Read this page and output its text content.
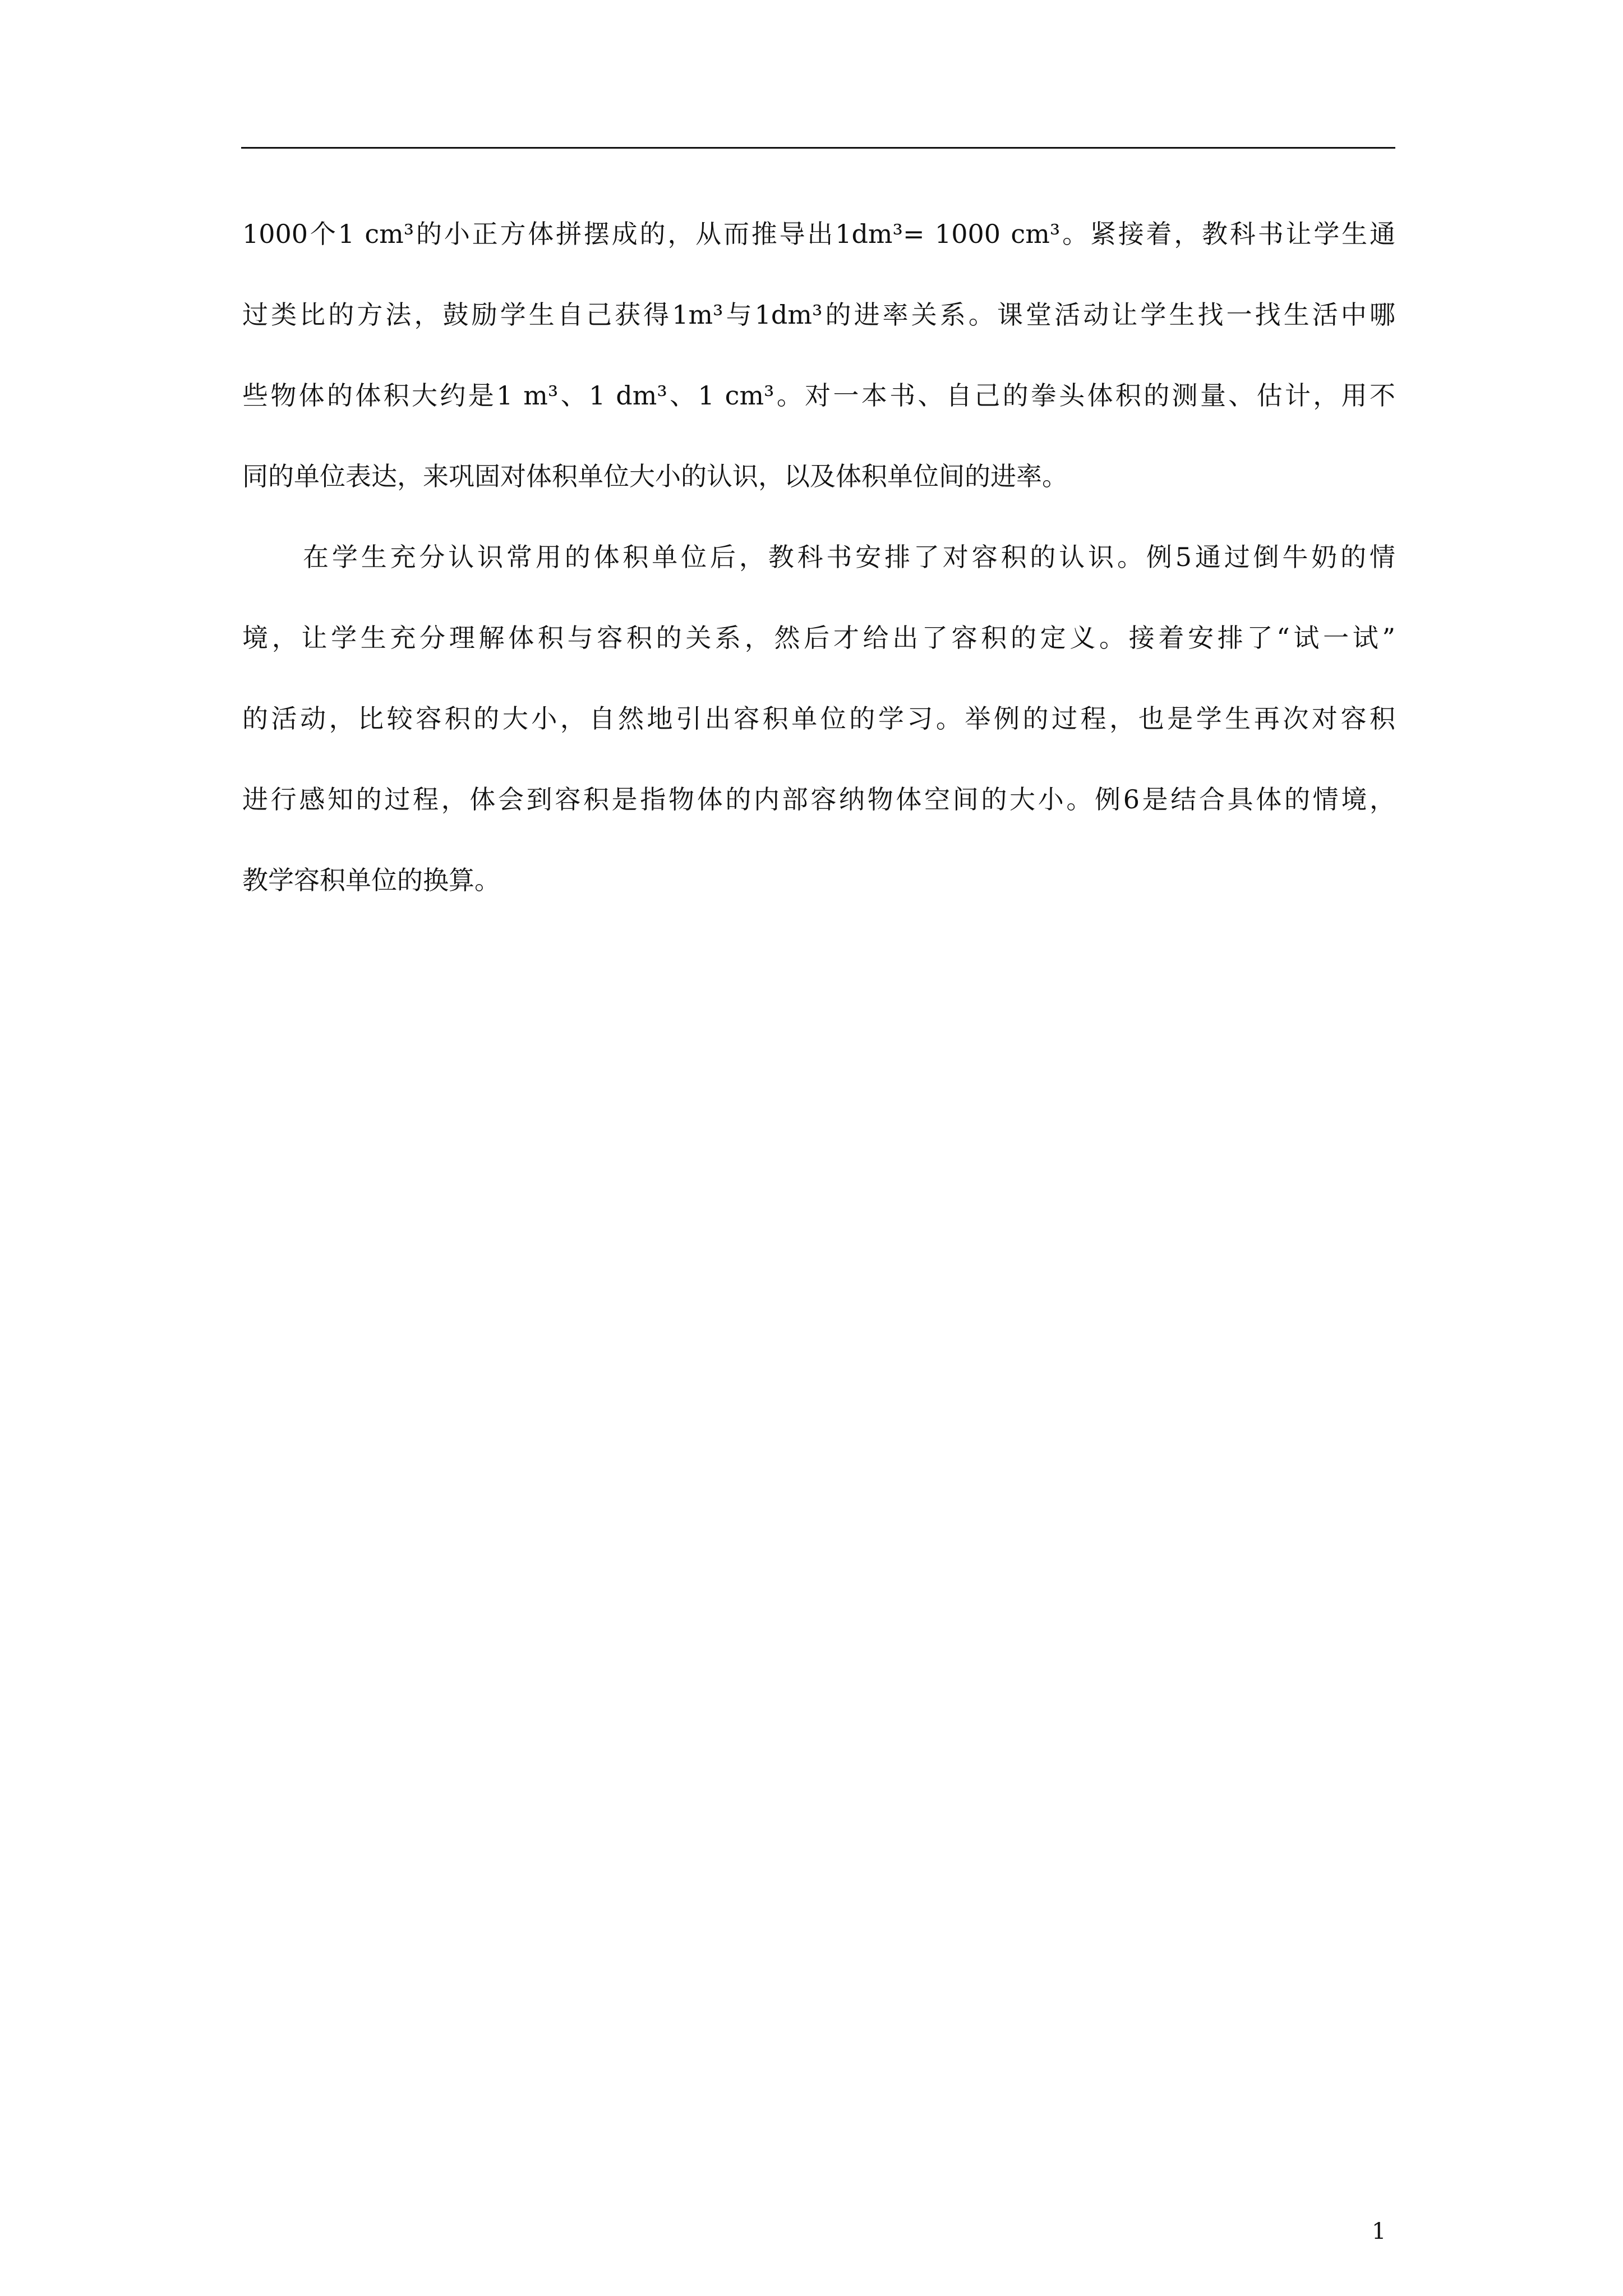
1000个1 cm³的小正方体拼摆成的，从而推导出1dm³= 1000 cm³。紧接着，教科书让学生通
过类比的方法，鼓励学生自己获得1m³与1dm³的进率关系。课堂活动让学生找一找生活中哪
些物体的体积大约是1 m³、1 dm³、1 cm³。对一本书、自己的拳头体积的测量、估计，用不
同的单位表达，来巩固对体积单位大小的认识，以及体积单位间的进率。
在学生充分认识常用的体积单位后，教科书安排了对容积的认识。例5通过倒牛奶的情
境，让学生充分理解体积与容积的关系，然后才给出了容积的定义。接着安排了“试一试”
的活动，比较容积的大小，自然地引出容积单位的学习。举例的过程，也是学生再次对容积
进行感知的过程，体会到容积是指物体的内部容纳物体空间的大小。例6是结合具体的情境，
教学容积单位的换算。
1
